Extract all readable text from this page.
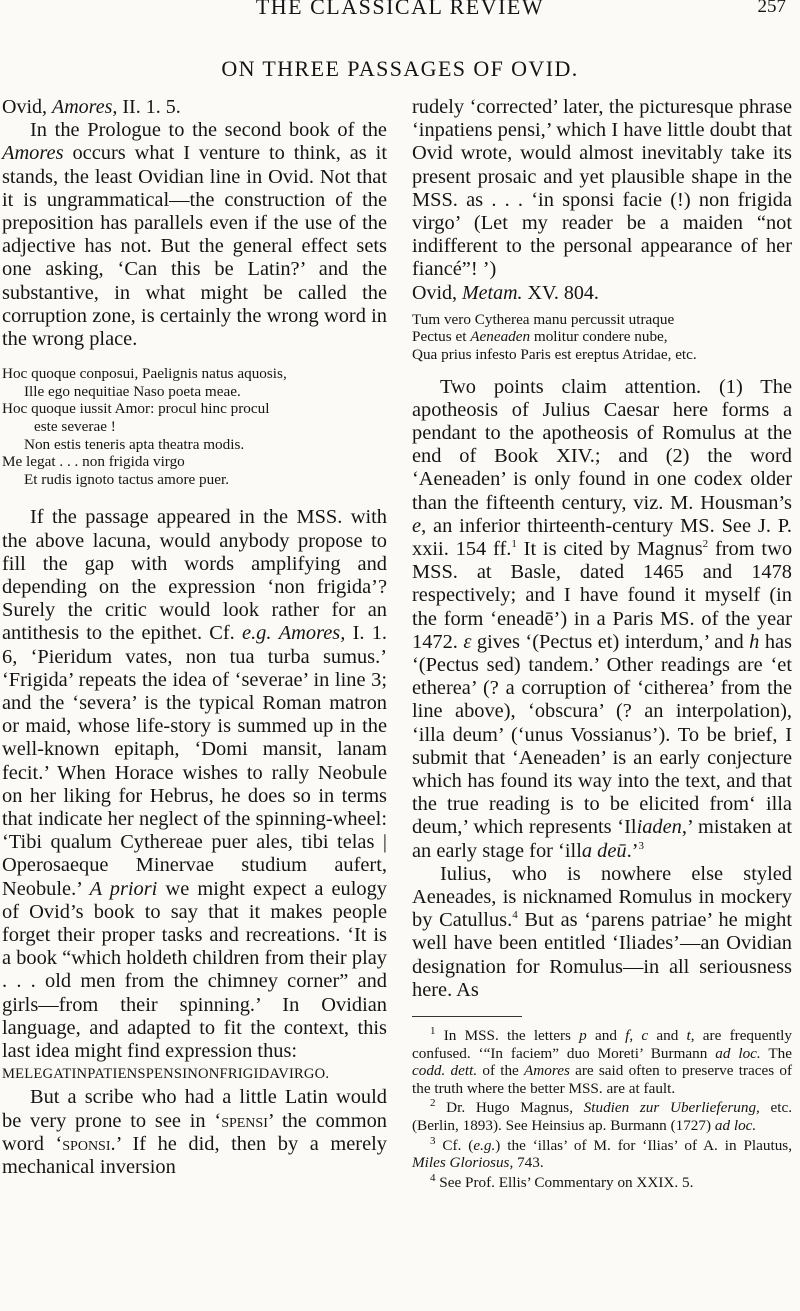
THE CLASSICAL REVIEW	257
ON THREE PASSAGES OF OVID.

Ovid, Amores, II. 1. 5.

In the Prologue to the second book of the Amores occurs what I venture to think, as it stands, the least Ovidian line in Ovid. Not that it is ungrammatical—the construction of the preposition has parallels even if the use of the adjective has not. But the general effect sets one asking, ‘Can this be Latin?’ and the substantive, in what might be called the corruption zone, is certainly the wrong word in the wrong place.

Hoc quoque conposui, Paelignis natus aquosis,
Ille ego nequitiae Naso poeta meae.
Hoc quoque iussit Amor: procul hinc procul
este severae !
Non estis teneris apta theatra modis.
Me legat . . . non frigida virgo
Et rudis ignoto tactus amore puer.

If the passage appeared in the MSS. with the above lacuna, would anybody propose to fill the gap with words amplifying and depending on the expression ‘non frigida’? Surely the critic would look rather for an antithesis to the epithet. Cf. e.g. Amores, I. 1. 6, ‘Pieridum vates, non tua turba sumus.’ ‘Frigida’ repeats the idea of ‘severae’ in line 3; and the ‘severa’ is the typical Roman matron or maid, whose life-story is summed up in the well-known epitaph, ‘Domi mansit, lanam fecit.’ When Horace wishes to rally Neobule on her liking for Hebrus, he does so in terms that indicate her neglect of the spinning-wheel: ‘Tibi qualum Cythereae puer ales, tibi telas | Operosaeque Minervae studium aufert, Neobule.’ A priori we might expect a eulogy of Ovid’s book to say that it makes people forget their proper tasks and recreations. ‘It is a book “which holdeth children from their play . . . old men from the chimney corner” and girls—from their spinning.’ In Ovidian language, and adapted to fit the context, this last idea might find expression thus:

MELEGATINPATIENSPENSINONFRIGIDAVIRGO.

But a scribe who had a little Latin would be very prone to see in ‘spensi’ the common word ‘sponsi.’ If he did, then by a merely mechanical inversion

rudely ‘corrected’ later, the picturesque phrase ‘inpatiens pensi,’ which I have little doubt that Ovid wrote, would almost inevitably take its present prosaic and yet plausible shape in the MSS. as . . . ‘in sponsi facie (!) non frigida virgo’ (Let my reader be a maiden “not indifferent to the personal appearance of her fiancé”! ’)

Ovid, Metam. XV. 804.

Tum vero Cytherea manu percussit utraque
Pectus et Aeneaden molitur condere nube,
Qua prius infesto Paris est ereptus Atridae, etc.

Two points claim attention. (1) The apotheosis of Julius Caesar here forms a pendant to the apotheosis of Romulus at the end of Book XIV.; and (2) the word ‘Aeneaden’ is only found in one codex older than the fifteenth century, viz. M. Housman’s e, an inferior thirteenth-century MS. See J. P. xxii. 154 ff.$^1$ It is cited by Magnus$^2$ from two MSS. at Basle, dated 1465 and 1478 respectively; and I have found it myself (in the form ‘eneadē’) in a Paris MS. of the year 1472. ε gives ‘(Pectus et) interdum,’ and h has ‘(Pectus sed) tandem.’ Other readings are ‘et etherea’ (? a corruption of ‘citherea’ from the line above), ‘obscura’ (? an interpolation), ‘illa deum’ (‘unus Vossianus’). To be brief, I submit that ‘Aeneaden’ is an early conjecture which has found its way into the text, and that the true reading is to be elicited from‘ illa deum,’ which represents ‘Iliaden,’ mistaken at an early stage for ‘illa deū.’$^3$

Iulius, who is nowhere else styled Aeneades, is nicknamed Romulus in mockery by Catullus.$^4$ But as ‘parens patriae’ he might well have been entitled ‘Iliades’—an Ovidian designation for Romulus—in all seriousness here. As

$^1$ In MSS. the letters p and f, c and t, are frequently confused. ‘“In faciem” duo Moreti’ Burmann ad loc. The codd. dett. of the Amores are said often to preserve traces of the truth where the better MSS. are at fault.

$^2$ Dr. Hugo Magnus, Studien zur Uberlieferung, etc. (Berlin, 1893). See Heinsius ap. Burmann (1727) ad loc.

$^3$ Cf. (e.g.) the ‘illas’ of M. for ‘Ilias’ of A. in Plautus, Miles Gloriosus, 743.

$^4$ See Prof. Ellis’ Commentary on XXIX. 5.
